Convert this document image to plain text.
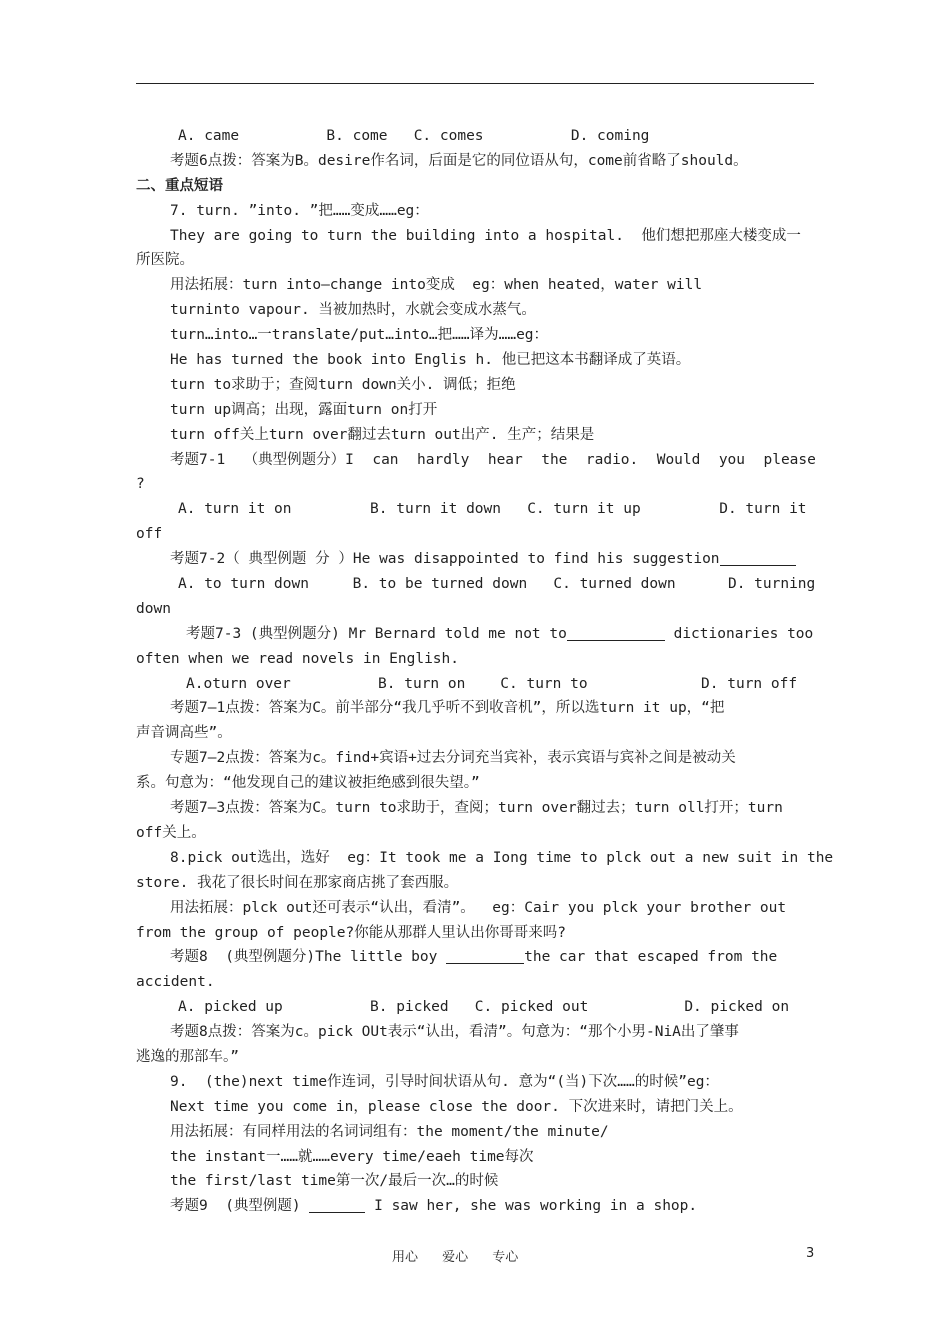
A. came          B. come   C. comes          D. coming
考题6点拨：答案为B。desire作名词，后面是它的同位语从句，come前省略了should。
二、重点短语
7. turn. ”into. ”把……变成……eg：
They are going to turn the building into a hospital.  他们想把那座大楼变成一
所医院。
用法拓展：turn into—change into变成  eg：when heated，water will
turninto vapour. 当被加热时，水就会变成水蒸气。
turn…into…一translate/put…into…把……译为……eg：
He has turned the book into Englis h. 他已把这本书翻译成了英语。
turn to求助于；查阅turn down关小. 调低；拒绝
turn up调高；出现，露面turn on打开
turn off关上turn over翻过去turn out出产. 生产；结果是
考题7-1 （典型例题分）I can hardly hear the radio. Would you please
?
A. turn it on         B. turn it down   C. turn it up         D. turn it
off
考题7-2（ 典型例题 分 ）He was disappointed to find his suggestion
A. to turn down     B. to be turned down   C. turned down      D. turning
down
考题7-3 (典型例题分) Mr Bernard told me not to	dictionaries too
often when we read novels in English.
A.oturn over          B. turn on    C. turn to             D. turn off
考题7—1点拨：答案为C。前半部分“我几乎听不到收音机”，所以选turn it up，“把
声音调高些”。
专题7—2点拨：答案为c。find+宾语+过去分词充当宾补，表示宾语与宾补之间是被动关
系。句意为：“他发现自己的建议被拒绝感到很失望。”
考题7—3点拨：答案为C。turn to求助于，查阅；turn over翻过去；turn oll打开；turn
off关上。
8.pick out选出，选好  eg：It took me a Iong time to plck out a new suit in the
store. 我花了很长时间在那家商店挑了套西服。
用法拓展：plck out还可表示“认出，看清”。  eg：Cair you plck your brother out
from the group of people?你能从那群人里认出你哥哥来吗?
考题8  (典型例题分)The little boy	the car that escaped from the
accident.
A. picked up          B. picked   C. picked out           D. picked on
考题8点拨：答案为c。pick OUt表示“认出，看清”。句意为：“那个小男-NiA出了肇事
逃逸的那部车。”
9.  (the)next time作连词，引导时间状语从句. 意为“(当)下次……的时候”eg：
Next time you come in，please close the door. 下次进来时，请把门关上。
用法拓展：有同样用法的名词词组有：the moment/the minute/
the instant一……就……every time/eaeh time每次
the first/last time第一次/最后一次…的时候
考题9  (典型例题)	I saw her, she was working in a shop.
用心 爱心 专心	3
